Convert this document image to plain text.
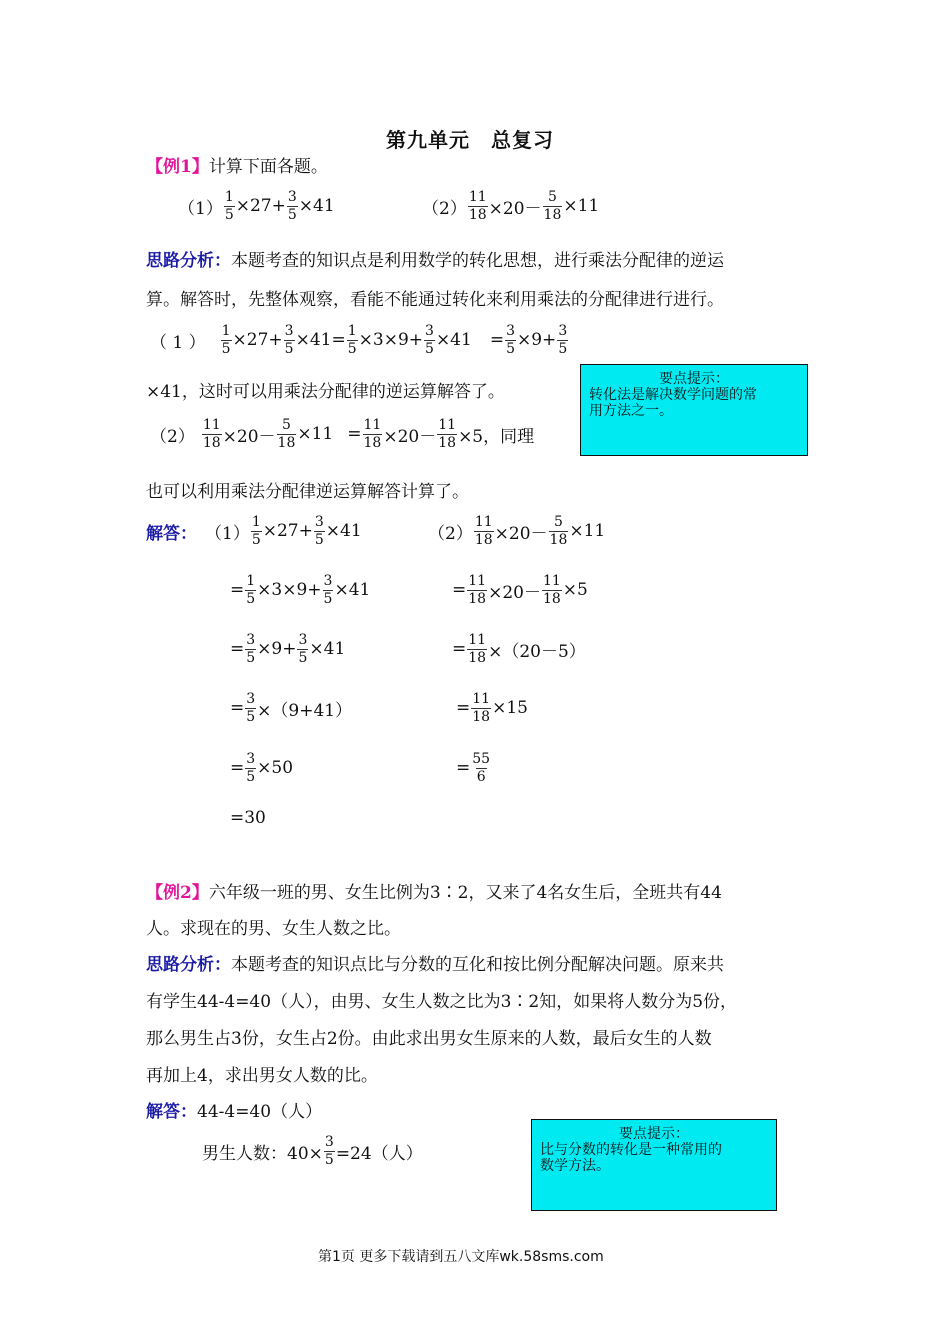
第九单元　总复习
【例1】计算下面各题。
$(1) \frac{1}{5} \times 27+ \frac{3}{5} \times 41$	$(2) \frac{11}{18} \times 20- \frac{5}{18} \times 11$
思路分析：本题考查的知识点是利用数学的转化思想，进行乘法分配律的逆运
算。解答时，先整体观察，看能不能通过转化来利用乘法的分配律进行进行。
（ 1 ） $\frac{1}{5} \times 27+ \frac{3}{5} \times 41= \frac{1}{5} \times 3\times 9+ \frac{3}{5} \times 41 = \frac{3}{5} \times 9+ \frac{3}{5}$
×41，这时可以用乘法分配律的逆运算解答了。
$(2) \frac{11}{18} \times 20- \frac{5}{18} \times 11 = \frac{11}{18} \times 20- \frac{11}{18} \times 5$，同理
也可以利用乘法分配律逆运算解答计算了。
要点提示：
转化法是解决数学问题的常
用方法之一。
解答： $(1) \frac{1}{5} \times 27+ \frac{3}{5} \times 41$
= $\frac{1}{5} \times 3\times 9+ \frac{3}{5} \times 41$
= $\frac{3}{5} \times 9+ \frac{3}{5} \times 41$
= $\frac{3}{5} \times(9+41)$
= $\frac{3}{5} \times 50$
=30
$(2) \frac{11}{18} \times 20- \frac{5}{18} \times 11$
= $\frac{11}{18} \times 20- \frac{11}{18} \times 5$
= $\frac{11}{18} \times(20-5)$
= $\frac{11}{18} \times 15$
= $\frac{55}{6}$
【例2】六年级一班的男、女生比例为3∶2，又来了4名女生后，全班共有44
人。求现在的男、女生人数之比。
思路分析：本题考查的知识点比与分数的互化和按比例分配解决问题。原来共
有学生44-4=40（人），由男、女生人数之比为3∶2知，如果将人数分为5份，
那么男生占3份，女生占2份。由此求出男女生原来的人数，最后女生的人数
再加上4，求出男女人数的比。
解答：44-4=40（人）
男生人数：$40\times \frac{3}{5} =24$（人）
要点提示：
比与分数的转化是一种常用的
数学方法。
第1页 更多下载请到五八文库wk.58sms.com
